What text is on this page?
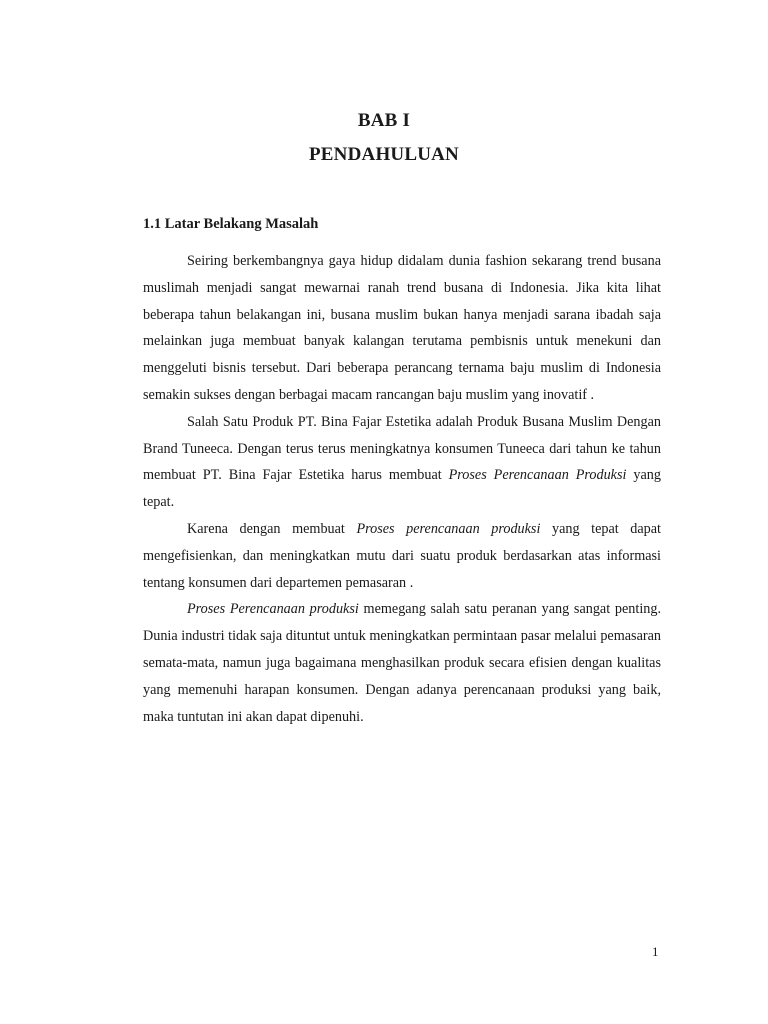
BAB I
PENDAHULUAN
1.1 Latar Belakang Masalah

Seiring berkembangnya gaya hidup didalam dunia fashion sekarang trend busana muslimah menjadi sangat mewarnai ranah trend busana di Indonesia. Jika kita lihat beberapa tahun belakangan ini, busana muslim bukan hanya menjadi sarana ibadah saja melainkan juga membuat banyak kalangan terutama pembisnis untuk menekuni dan menggeluti bisnis tersebut. Dari beberapa perancang ternama baju muslim di Indonesia semakin sukses dengan berbagai macam rancangan baju muslim yang inovatif .

Salah Satu Produk PT. Bina Fajar Estetika adalah Produk Busana Muslim Dengan Brand Tuneeca. Dengan terus terus meningkatnya konsumen Tuneeca dari tahun ke tahun membuat PT. Bina Fajar Estetika harus membuat Proses Perencanaan Produksi yang tepat.

Karena dengan membuat Proses perencanaan produksi yang tepat dapat mengefisienkan, dan meningkatkan mutu dari suatu produk berdasarkan atas informasi tentang konsumen dari departemen pemasaran .

Proses Perencanaan produksi memegang salah satu peranan yang sangat penting. Dunia industri tidak saja dituntut untuk meningkatkan permintaan pasar melalui pemasaran semata-mata, namun juga bagaimana menghasilkan produk secara efisien dengan kualitas yang memenuhi harapan konsumen. Dengan adanya perencanaan produksi yang baik, maka tuntutan ini akan dapat dipenuhi.

1
